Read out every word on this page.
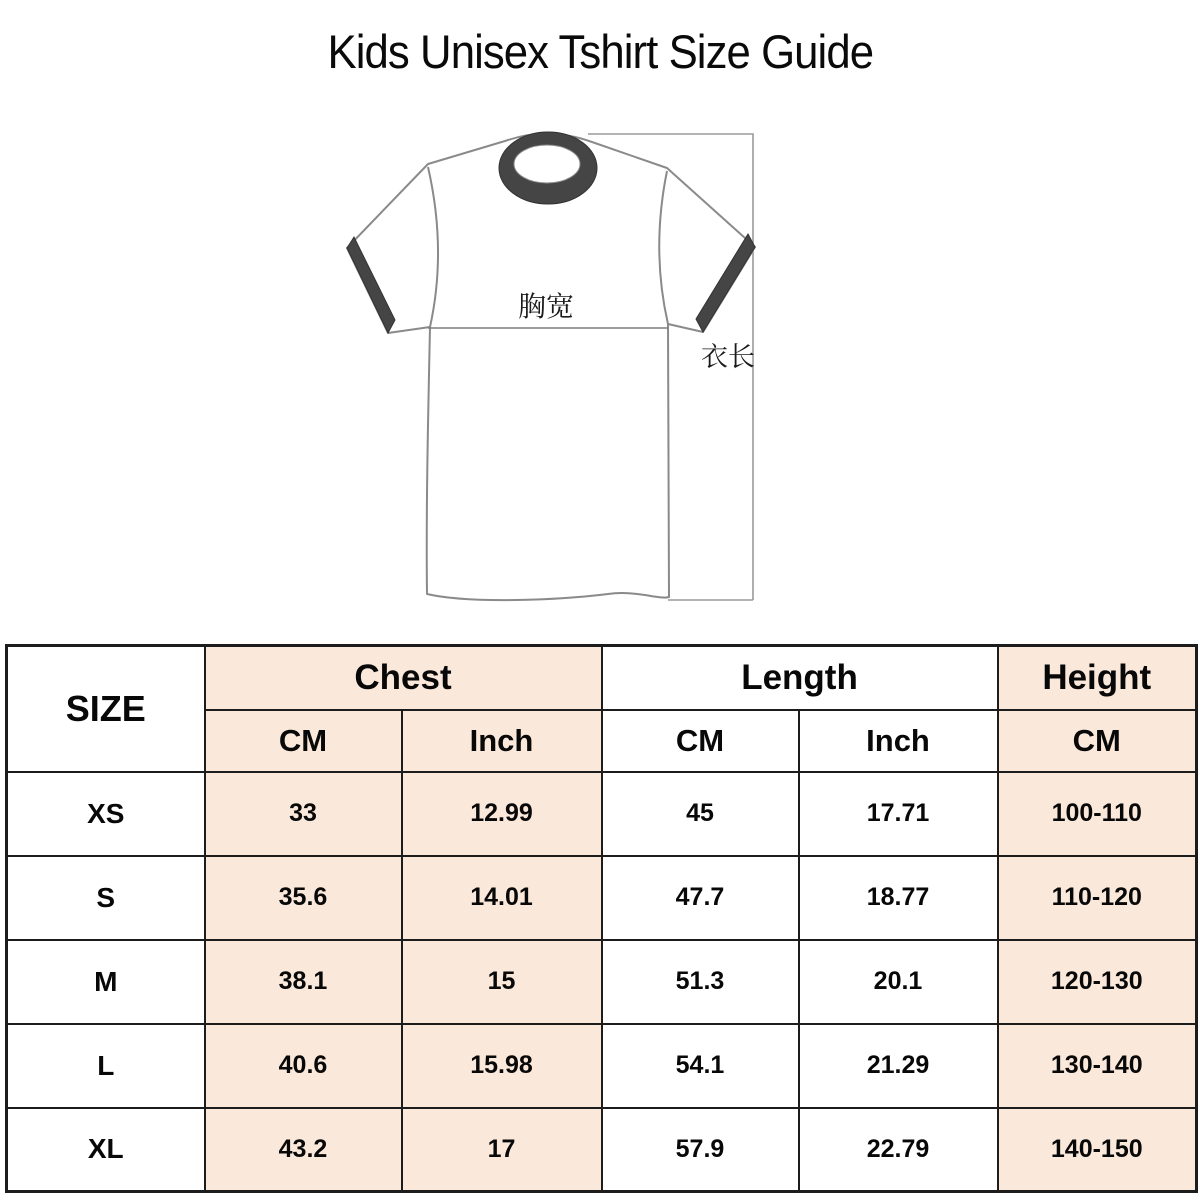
Kids Unisex Tshirt Size Guide
胸宽
衣长
SIZE	Chest		Length		Height
	CM	Inch	CM	Inch	CM
XS	33	12.99	45	17.71	100-110
S	35.6	14.01	47.7	18.77	110-120
M	38.1	15	51.3	20.1	120-130
L	40.6	15.98	54.1	21.29	130-140
XL	43.2	17	57.9	22.79	140-150
